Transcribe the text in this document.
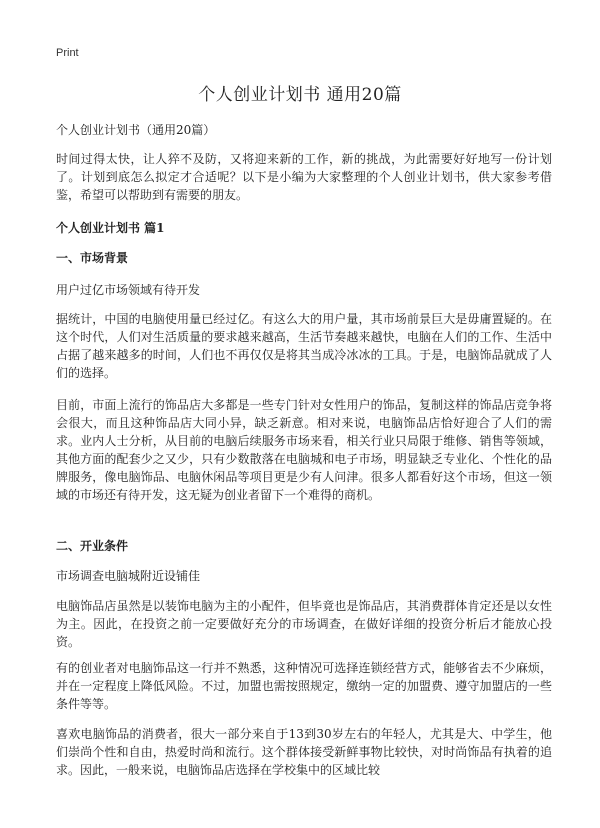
Print
个人创业计划书 通用20篇
个人创业计划书（通用20篇）

时间过得太快，让人猝不及防，又将迎来新的工作，新的挑战，为此需要好好地写一份计划了。计划到底怎么拟定才合适呢？以下是小编为大家整理的个人创业计划书，供大家参考借鉴，希望可以帮助到有需要的朋友。

个人创业计划书 篇1
一、市场背景
用户过亿市场领域有待开发

据统计，中国的电脑使用量已经过亿。有这么大的用户量，其市场前景巨大是毋庸置疑的。在这个时代，人们对生活质量的要求越来越高，生活节奏越来越快，电脑在人们的工作、生活中占据了越来越多的时间，人们也不再仅仅是将其当成冷冰冰的工具。于是，电脑饰品就成了人们的选择。

目前，市面上流行的饰品店大多都是一些专门针对女性用户的饰品，复制这样的饰品店竞争将会很大，而且这种饰品店大同小异，缺乏新意。相对来说，电脑饰品店恰好迎合了人们的需求。业内人士分析，从目前的电脑后续服务市场来看，相关行业只局限于维修、销售等领域，其他方面的配套少之又少，只有少数散落在电脑城和电子市场，明显缺乏专业化、个性化的品牌服务，像电脑饰品、电脑休闲品等项目更是少有人问津。很多人都看好这个市场，但这一领域的市场还有待开发，这无疑为创业者留下一个难得的商机。

二、开业条件
市场调查电脑城附近设铺佳

电脑饰品店虽然是以装饰电脑为主的小配件，但毕竟也是饰品店，其消费群体肯定还是以女性为主。因此，在投资之前一定要做好充分的市场调查，在做好详细的投资分析后才能放心投资。

有的创业者对电脑饰品这一行并不熟悉，这种情况可选择连锁经营方式，能够省去不少麻烦，并在一定程度上降低风险。不过，加盟也需按照规定，缴纳一定的加盟费、遵守加盟店的一些条件等等。

喜欢电脑饰品的消费者，很大一部分来自于13到30岁左右的年轻人，尤其是大、中学生，他们崇尚个性和自由，热爱时尚和流行。这个群体接受新鲜事物比较快，对时尚饰品有执着的追求。因此，一般来说，电脑饰品店选择在学校集中的区域比较
